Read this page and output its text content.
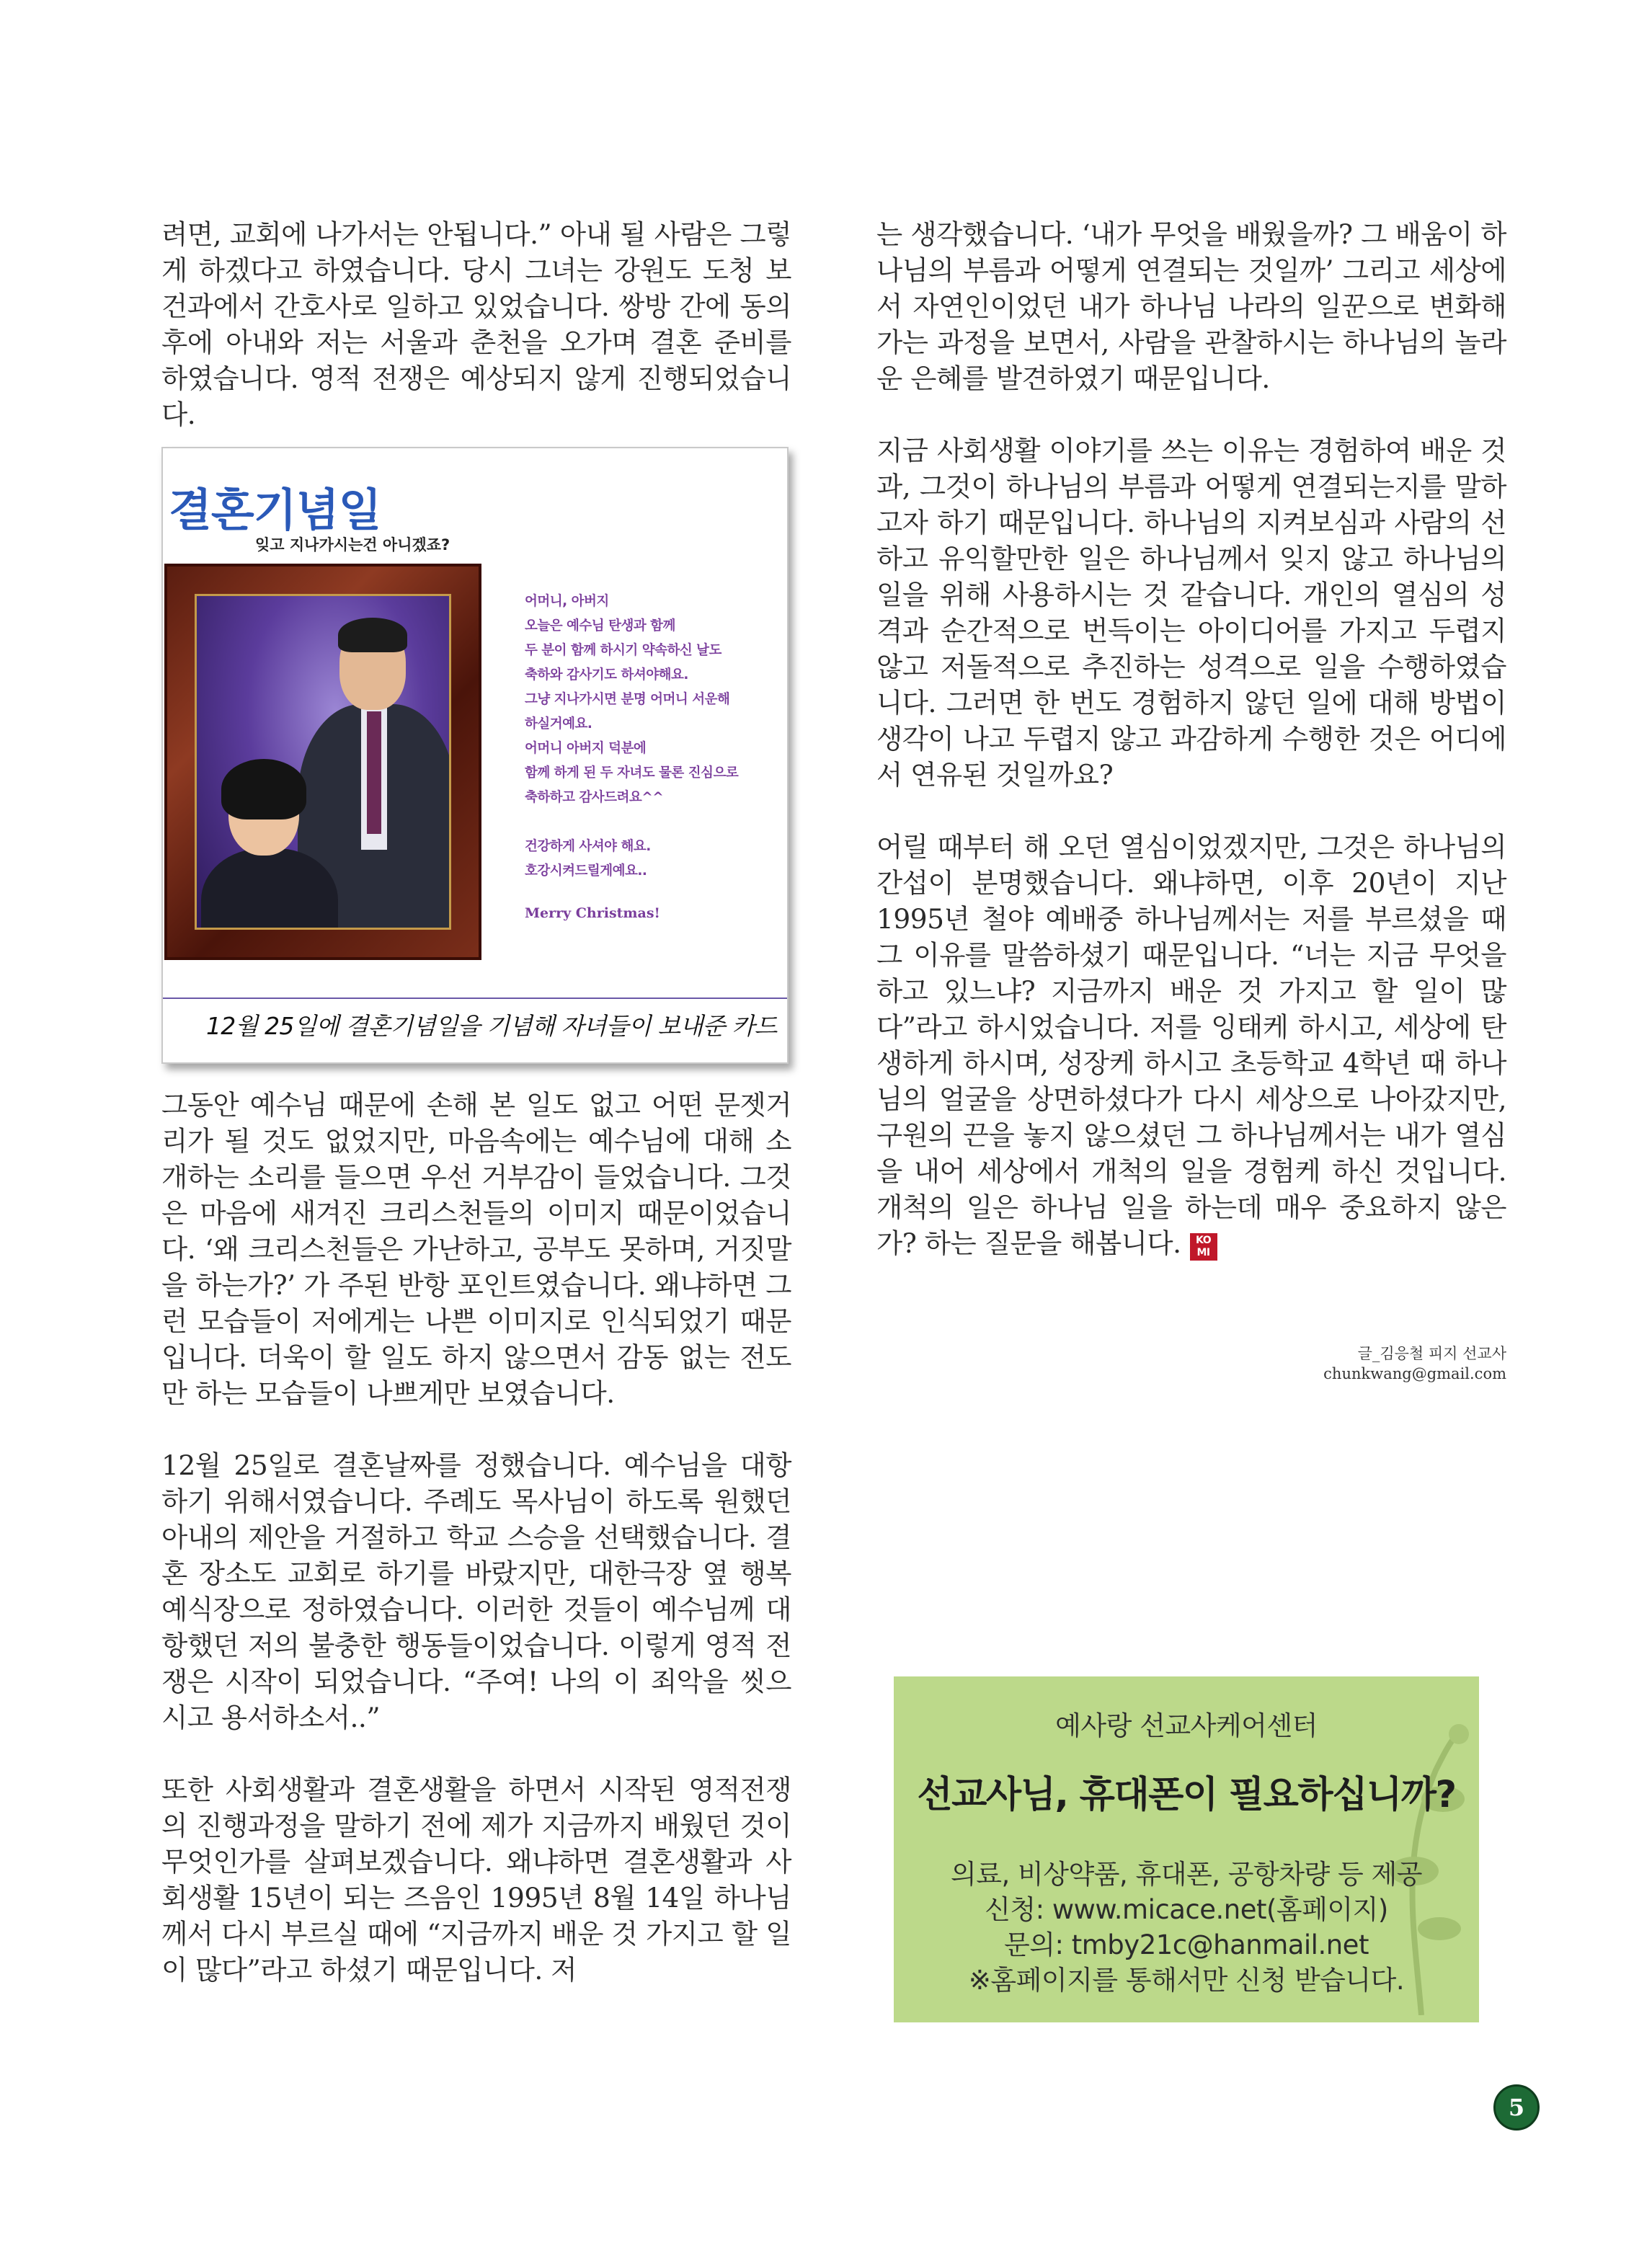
려면, 교회에 나가서는 안됩니다.” 아내 될 사람은 그렇게 하겠다고 하였습니다. 당시 그녀는 강원도 도청 보건과에서 간호사로 일하고 있었습니다. 쌍방 간에 동의 후에 아내와 저는 서울과 춘천을 오가며 결혼 준비를 하였습니다. 영적 전쟁은 예상되지 않게 진행되었습니다.

결혼기념일
잊고 지나가시는건 아니겠죠?
어머니, 아버지
오늘은 예수님 탄생과 함께
두 분이 함께 하시기 약속하신 날도
축하와 감사기도 하셔야해요.
그냥 지나가시면 분명 어머니 서운해
하실거예요.
어머니 아버지 덕분에
함께 하게 된 두 자녀도 물론 진심으로
축하하고 감사드려요^^
건강하게 사셔야 해요.
호강시켜드릴게예요..
Merry Christmas!
12월 25일에 결혼기념일을 기념해 자녀들이 보내준 카드

그동안 예수님 때문에 손해 본 일도 없고 어떤 문젯거리가 될 것도 없었지만, 마음속에는 예수님에 대해 소개하는 소리를 들으면 우선 거부감이 들었습니다. 그것은 마음에 새겨진 크리스천들의 이미지 때문이었습니다. ‘왜 크리스천들은 가난하고, 공부도 못하며, 거짓말을 하는가?’ 가 주된 반항 포인트였습니다. 왜냐하면 그런 모습들이 저에게는 나쁜 이미지로 인식되었기 때문입니다. 더욱이 할 일도 하지 않으면서 감동 없는 전도만 하는 모습들이 나쁘게만 보였습니다.

12월 25일로 결혼날짜를 정했습니다. 예수님을 대항하기 위해서였습니다. 주례도 목사님이 하도록 원했던 아내의 제안을 거절하고 학교 스승을 선택했습니다. 결혼 장소도 교회로 하기를 바랐지만, 대한극장 옆 행복예식장으로 정하였습니다. 이러한 것들이 예수님께 대항했던 저의 불충한 행동들이었습니다. 이렇게 영적 전쟁은 시작이 되었습니다. “주여! 나의 이 죄악을 씻으시고 용서하소서..”

또한 사회생활과 결혼생활을 하면서 시작된 영적전쟁의 진행과정을 말하기 전에 제가 지금까지 배웠던 것이 무엇인가를 살펴보겠습니다. 왜냐하면 결혼생활과 사회생활 15년이 되는 즈음인 1995년 8월 14일 하나님께서 다시 부르실 때에 “지금까지 배운 것 가지고 할 일이 많다”라고 하셨기 때문입니다. 저

는 생각했습니다. ‘내가 무엇을 배웠을까? 그 배움이 하나님의 부름과 어떻게 연결되는 것일까’ 그리고 세상에서 자연인이었던 내가 하나님 나라의 일꾼으로 변화해 가는 과정을 보면서, 사람을 관찰하시는 하나님의 놀라운 은혜를 발견하였기 때문입니다.

지금 사회생활 이야기를 쓰는 이유는 경험하여 배운 것과, 그것이 하나님의 부름과 어떻게 연결되는지를 말하고자 하기 때문입니다. 하나님의 지켜보심과 사람의 선하고 유익할만한 일은 하나님께서 잊지 않고 하나님의 일을 위해 사용하시는 것 같습니다. 개인의 열심의 성격과 순간적으로 번득이는 아이디어를 가지고 두렵지 않고 저돌적으로 추진하는 성격으로 일을 수행하였습니다. 그러면 한 번도 경험하지 않던 일에 대해 방법이 생각이 나고 두렵지 않고 과감하게 수행한 것은 어디에서 연유된 것일까요?

어릴 때부터 해 오던 열심이었겠지만, 그것은 하나님의 간섭이 분명했습니다. 왜냐하면, 이후 20년이 지난 1995년 철야 예배중 하나님께서는 저를 부르셨을 때 그 이유를 말씀하셨기 때문입니다. “너는 지금 무엇을 하고 있느냐? 지금까지 배운 것 가지고 할 일이 많다”라고 하시었습니다. 저를 잉태케 하시고, 세상에 탄생하게 하시며, 성장케 하시고 초등학교 4학년 때 하나님의 얼굴을 상면하셨다가 다시 세상으로 나아갔지만, 구원의 끈을 놓지 않으셨던 그 하나님께서는 내가 열심을 내어 세상에서 개척의 일을 경험케 하신 것입니다. 개척의 일은 하나님 일을 하는데 매우 중요하지 않은가? 하는 질문을 해봅니다. KO
MI

글_김응철 피지 선교사
chunkwang@gmail.com
예사랑 선교사케어센터
선교사님, 휴대폰이 필요하십니까?
의료, 비상약품, 휴대폰, 공항차량 등 제공
신청: www.micace.net(홈페이지)
문의: tmby21c@hanmail.net
※홈페이지를 통해서만 신청 받습니다.
5
